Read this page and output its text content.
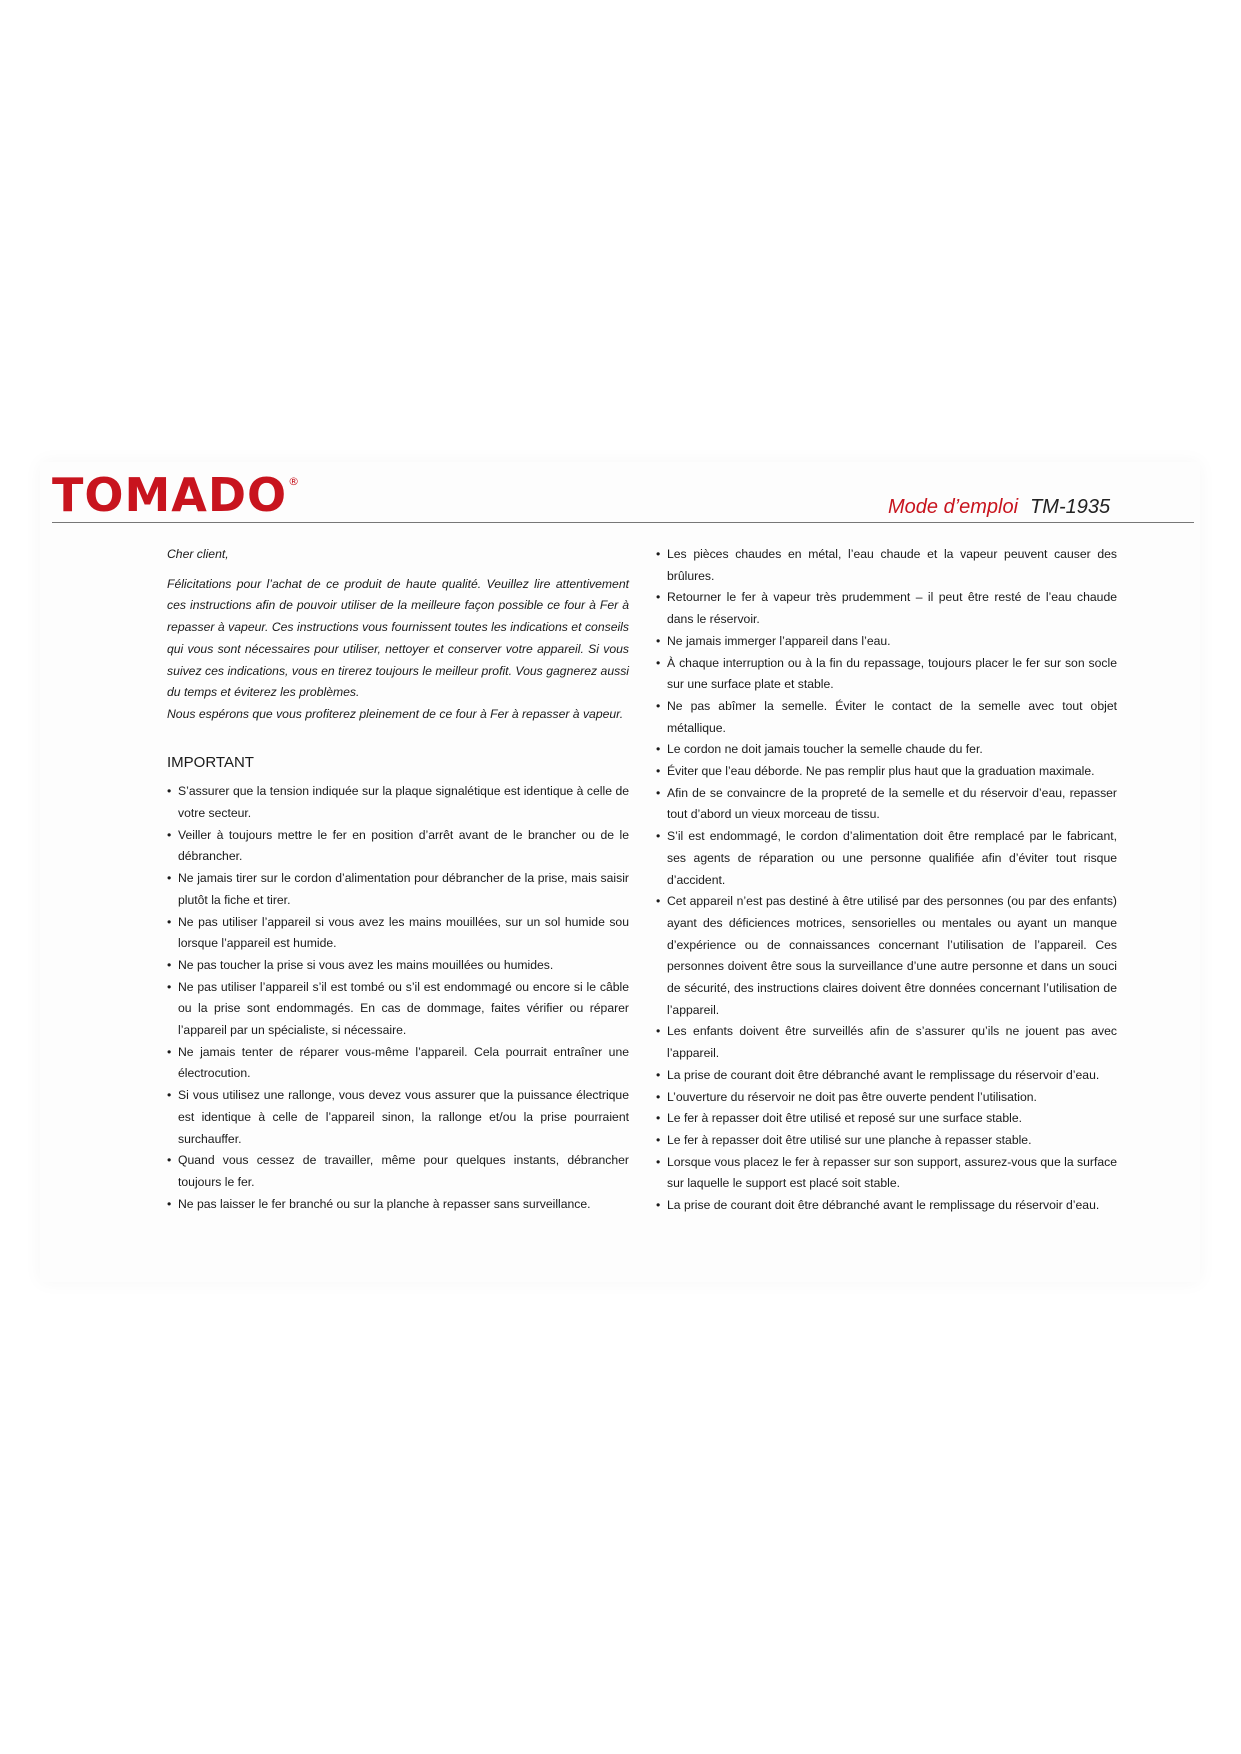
TOMADO®
Mode d’emploi TM-1935

Cher client,

Félicitations pour l’achat de ce produit de haute qualité. Veuillez lire attentivement ces instructions afin de pouvoir utiliser de la meilleure façon possible ce four à Fer à repasser à vapeur. Ces instructions vous fournissent toutes les indications et conseils qui vous sont nécessaires pour utiliser, nettoyer et conserver votre appareil. Si vous suivez ces indications, vous en tirerez toujours le meilleur profit. Vous gagnerez aussi du temps et éviterez les problèmes.

Nous espérons que vous profiterez pleinement de ce four à Fer à repasser à vapeur.

IMPORTANT
• S’assurer que la tension indiquée sur la plaque signalétique est identique à celle de votre secteur.
• Veiller à toujours mettre le fer en position d’arrêt avant de le brancher ou de le débrancher.
• Ne jamais tirer sur le cordon d’alimentation pour débrancher de la prise, mais saisir plutôt la fiche et tirer.
• Ne pas utiliser l’appareil si vous avez les mains mouillées, sur un sol humide sou lorsque l’appareil est humide.
• Ne pas toucher la prise si vous avez les mains mouillées ou humides.
• Ne pas utiliser l’appareil s’il est tombé ou s’il est endommagé ou encore si le câble ou la prise sont endommagés. En cas de dommage, faites vérifier ou réparer l’appareil par un spécialiste, si nécessaire.
• Ne jamais tenter de réparer vous-même l’appareil. Cela pourrait entraîner une électrocution.
• Si vous utilisez une rallonge, vous devez vous assurer que la puissance électrique est identique à celle de l’appareil sinon, la rallonge et/ou la prise pourraient surchauffer.
• Quand vous cessez de travailler, même pour quelques instants, débrancher toujours le fer.
• Ne pas laisser le fer branché ou sur la planche à repasser sans surveillance.
• Les pièces chaudes en métal, l’eau chaude et la vapeur peuvent causer des brûlures.
• Retourner le fer à vapeur très prudemment – il peut être resté de l’eau chaude dans le réservoir.
• Ne jamais immerger l’appareil dans l’eau.
• À chaque interruption ou à la fin du repassage, toujours placer le fer sur son socle sur une surface plate et stable.
• Ne pas abîmer la semelle. Éviter le contact de la semelle avec tout objet métallique.
• Le cordon ne doit jamais toucher la semelle chaude du fer.
• Éviter que l’eau déborde. Ne pas remplir plus haut que la graduation maximale.
• Afin de se convaincre de la propreté de la semelle et du réservoir d’eau, repasser tout d’abord un vieux morceau de tissu.
• S’il est endommagé, le cordon d’alimentation doit être remplacé par le fabricant, ses agents de réparation ou une personne qualifiée afin d’éviter tout risque d’accident.
• Cet appareil n’est pas destiné à être utilisé par des personnes (ou par des enfants) ayant des déficiences motrices, sensorielles ou mentales ou ayant un manque d’expérience ou de connaissances concernant l’utilisation de l’appareil. Ces personnes doivent être sous la surveillance d’une autre personne et dans un souci de sécurité, des instructions claires doivent être données concernant l’utilisation de l’appareil.
• Les enfants doivent être surveillés afin de s’assurer qu’ils ne jouent pas avec l’appareil.
• La prise de courant doit être débranché avant le remplissage du réservoir d’eau.
• L’ouverture du réservoir ne doit pas être ouverte pendent l’utilisation.
• Le fer à repasser doit être utilisé et reposé sur une surface stable.
• Le fer à repasser doit être utilisé sur une planche à repasser stable.
• Lorsque vous placez le fer à repasser sur son support, assurez-vous que la surface sur laquelle le support est placé soit stable.
• La prise de courant doit être débranché avant le remplissage du réservoir d’eau.
